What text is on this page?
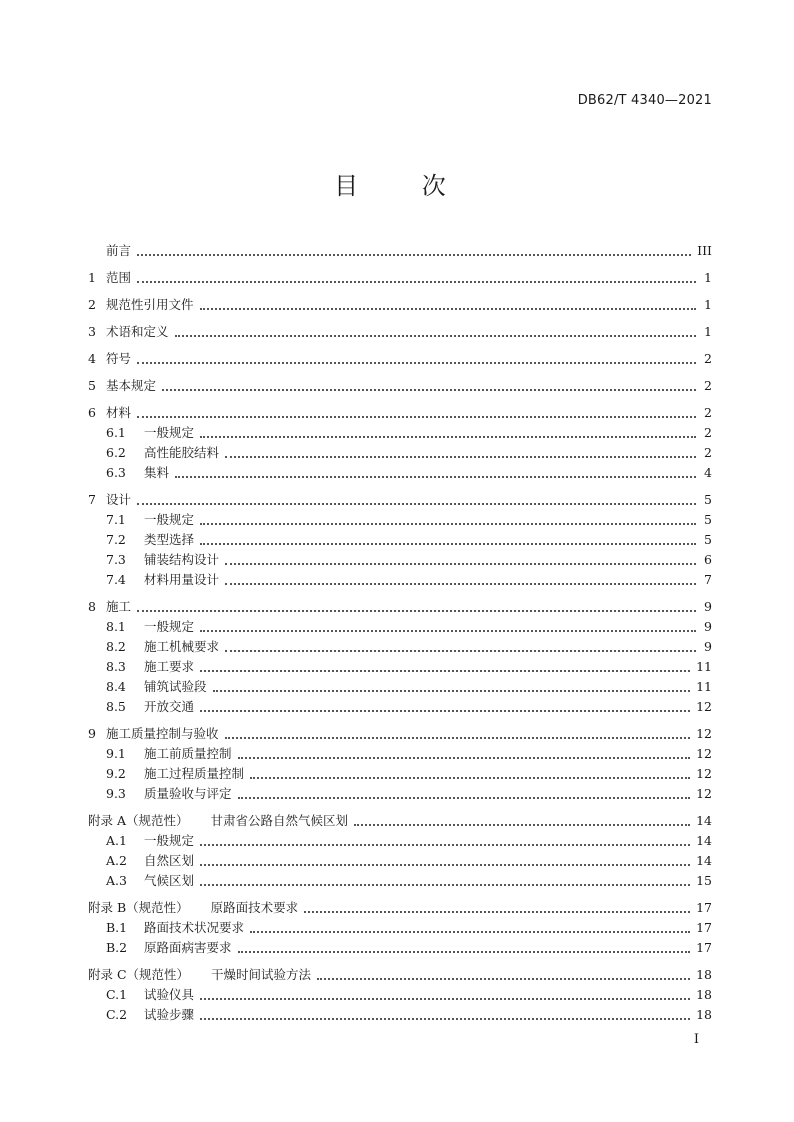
DB62/T 4340—2021
目 次
前言	III
1 范围	1
2 规范性引用文件	1
3 术语和定义	1
4 符号	2
5 基本规定	2
6 材料	2
6.1	一般规定	2
6.2	高性能胶结料	2
6.3	集料	4
7 设计	5
7.1	一般规定	5
7.2	类型选择	5
7.3	铺装结构设计	6
7.4	材料用量设计	7
8 施工	9
8.1	一般规定	9
8.2	施工机械要求	9
8.3	施工要求	11
8.4	铺筑试验段	11
8.5	开放交通	12
9 施工质量控制与验收	12
9.1	施工前质量控制	12
9.2	施工过程质量控制	12
9.3	质量验收与评定	12
附录 A（规范性） 甘肃省公路自然气候区划	14
A.1	一般规定	14
A.2	自然区划	14
A.3	气候区划	15
附录 B（规范性） 原路面技术要求	17
B.1	路面技术状况要求	17
B.2	原路面病害要求	17
附录 C（规范性） 干燥时间试验方法	18
C.1	试验仪具	18
C.2	试验步骤	18
I
